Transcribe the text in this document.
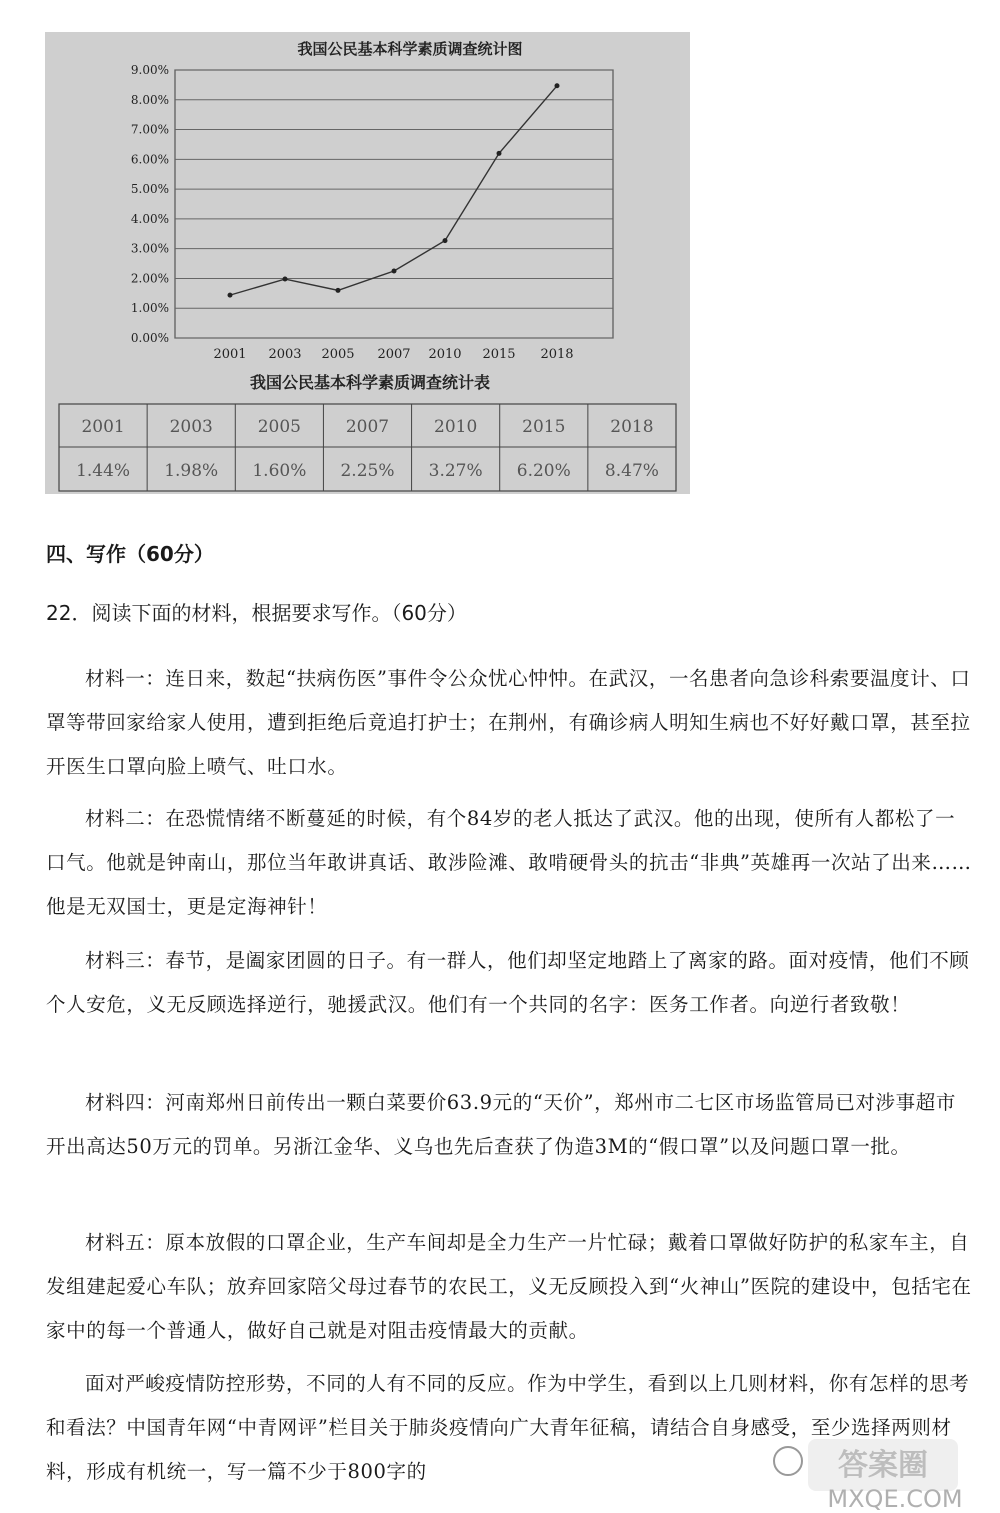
我国公民基本科学素质调查统计图
0.00%
1.00%
2.00%
3.00%
4.00%
5.00%
6.00%
7.00%
8.00%
9.00%
2001 2003 2005 2007 2010 2015 2018
我国公民基本科学素质调查统计表
2001	2003	2005	2007	2010	2015	2018
1.44% 1.98% 1.60% 2.25% 3.27% 6.20% 8.47%
四、写作（60分）
22．阅读下面的材料，根据要求写作。（60分）

材料一：连日来，数起“扶病伤医”事件令公众忧心忡忡。在武汉，一名患者向急诊科索要温度计、口罩等带回家给家人使用，遭到拒绝后竟追打护士；在荆州，有确诊病人明知生病也不好好戴口罩，甚至拉开医生口罩向脸上喷气、吐口水。

材料二：在恐慌情绪不断蔓延的时候，有个84岁的老人抵达了武汉。他的出现，使所有人都松了一口气。他就是钟南山，那位当年敢讲真话、敢涉险滩、敢啃硬骨头的抗击“非典”英雄再一次站了出来……他是无双国士，更是定海神针！

材料三：春节，是阖家团圆的日子。有一群人，他们却坚定地踏上了离家的路。面对疫情，他们不顾个人安危，义无反顾选择逆行，驰援武汉。他们有一个共同的名字：医务工作者。向逆行者致敬！

材料四：河南郑州日前传出一颗白菜要价63.9元的“天价”，郑州市二七区市场监管局已对涉事超市开出高达50万元的罚单。另浙江金华、义乌也先后查获了伪造3M的“假口罩”以及问题口罩一批。

材料五：原本放假的口罩企业，生产车间却是全力生产一片忙碌；戴着口罩做好防护的私家车主，自发组建起爱心车队；放弃回家陪父母过春节的农民工，义无反顾投入到“火神山”医院的建设中，包括宅在家中的每一个普通人，做好自己就是对阻击疫情最大的贡献。

面对严峻疫情防控形势，不同的人有不同的反应。作为中学生，看到以上几则材料，你有怎样的思考和看法？中国青年网“中青网评”栏目关于肺炎疫情向广大青年征稿，请结合自身感受，至少选择两则材料，形成有机统一，写一篇不少于800字的	答案圈
MXQE.COM
